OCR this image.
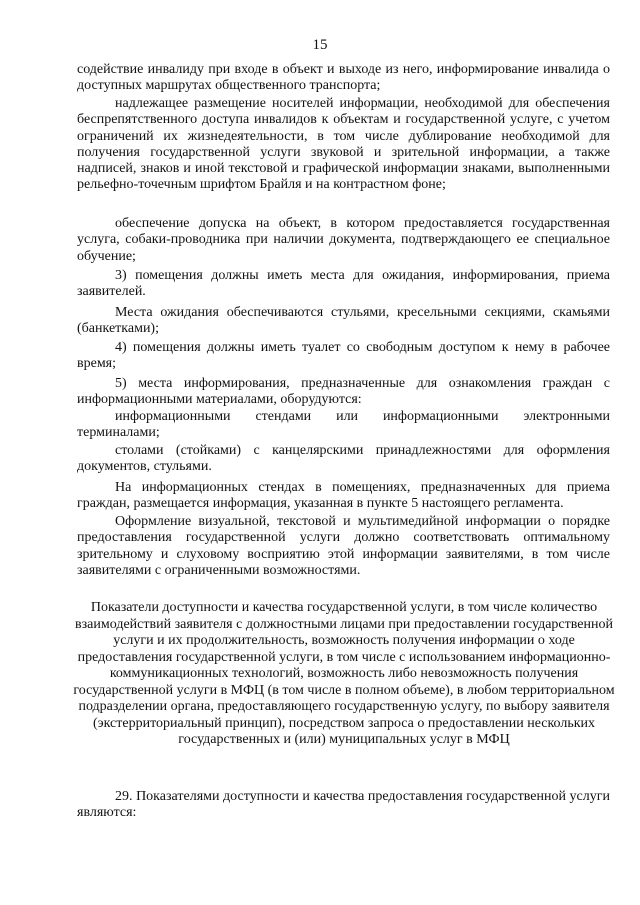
15

содействие инвалиду при входе в объект и выходе из него, информирование инвалида о доступных маршрутах общественного транспорта;

надлежащее размещение носителей информации, необходимой для обеспечения беспрепятственного доступа инвалидов к объектам и государственной услуге, с учетом ограничений их жизнедеятельности, в том числе дублирование необходимой для получения государственной услуги звуковой и зрительной информации, а также надписей, знаков и иной текстовой и графической информации знаками, выполненными рельефно-точечным шрифтом Брайля и на контрастном фоне;

обеспечение допуска на объект, в котором предоставляется государственная услуга, собаки-проводника при наличии документа, подтверждающего ее специальное обучение;

3) помещения должны иметь места для ожидания, информирования, приема заявителей.

Места ожидания обеспечиваются стульями, кресельными секциями, скамьями (банкетками);

4) помещения должны иметь туалет со свободным доступом к нему в рабочее время;

5) места информирования, предназначенные для ознакомления граждан с информационными материалами, оборудуются:

информационными стендами или информационными электронными терминалами;

столами (стойками) с канцелярскими принадлежностями для оформления документов, стульями.

На информационных стендах в помещениях, предназначенных для приема граждан, размещается информация, указанная в пункте 5 настоящего регламента.

Оформление визуальной, текстовой и мультимедийной информации о порядке предоставления государственной услуги должно соответствовать оптимальному зрительному и слуховому восприятию этой информации заявителями, в том числе заявителями с ограниченными возможностями.

Показатели доступности и качества государственной услуги, в том числе количество взаимодействий заявителя с должностными лицами при предоставлении государственной услуги и их продолжительность, возможность получения информации о ходе предоставления государственной услуги, в том числе с использованием информационно-коммуникационных технологий, возможность либо невозможность получения государственной услуги в МФЦ (в том числе в полном объеме), в любом территориальном подразделении органа, предоставляющего государственную услугу, по выбору заявителя (экстерриториальный принцип), посредством запроса о предоставлении нескольких государственных и (или) муниципальных услуг в МФЦ

29. Показателями доступности и качества предоставления государственной услуги являются:
